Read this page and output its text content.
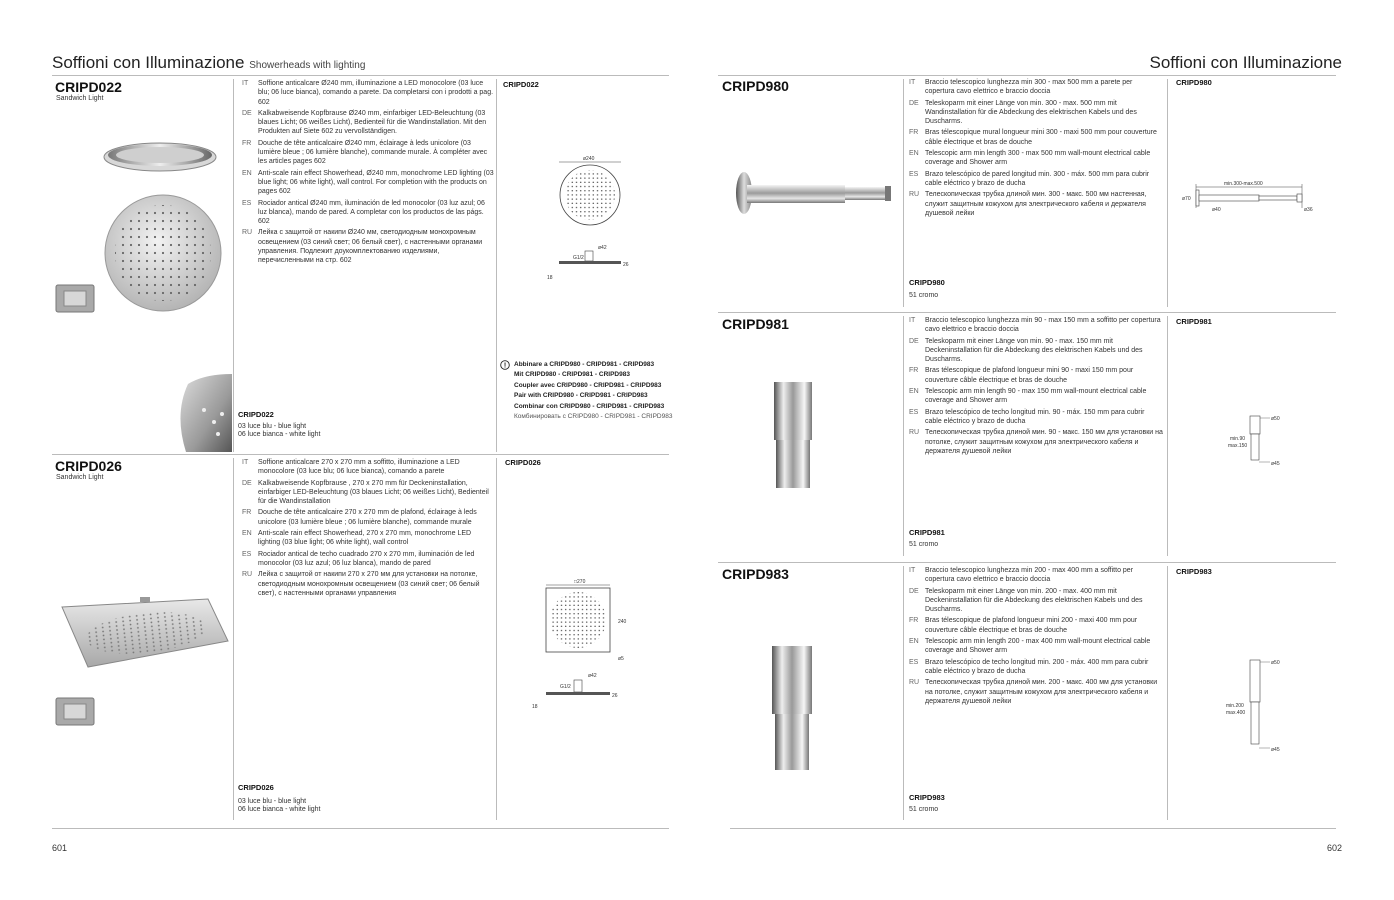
Soffioni con Illuminazione Showerheads with lighting	Soffioni con Illuminazione
CRIPD022
Sandwich Light
IT	Soffione anticalcare Ø240 mm, illuminazione a LED monocolore (03 luce blu; 06 luce bianca), comando a parete. Da completarsi con i prodotti a pag. 602
DE Kalkabweisende Kopfbrause Ø240 mm, einfarbiger LED-Beleuchtung (03 blaues Licht; 06 weißes Licht), Bedienteil für die Wandinstallation. Mit den Produkten auf Siete 602 zu vervollständigen.
FR Douche de tête anticalcaire Ø240 mm, éclairage à leds unicolore (03 lumière bleue ; 06 lumière blanche), commande murale. À compléter avec les articles pages 602
EN Anti-scale rain effect Showerhead, Ø240 mm, monochrome LED lighting (03 blue light; 06 white light), wall control. For completion with the products on pages 602
ES Rociador antical Ø240 mm, iluminación de led monocolor (03 luz azul; 06 luz blanca), mando de pared. A completar con los productos de las págs. 602
RU Лейка с защитой от накипи Ø240 мм, светодиодным монохромным освещением (03 синий свет; 06 белый свет), с настенными органами управления. Подлежит доукомплектованию изделиями, перечисленными на стр. 602
CRIPD022
03 luce blu - blue light
06 luce bianca - white light
CRIPD022
ø240
ø42
G1/2
26
18
! Abbinare a CRIPD980 - CRIPD981 - CRIPD983
Mit CRIPD980 - CRIPD981 - CRIPD983
Coupler avec CRIPD980 - CRIPD981 - CRIPD983
Pair with CRIPD980 - CRIPD981 - CRIPD983
Combinar con CRIPD980 - CRIPD981 - CRIPD983
Комбинировать с CRIPD980 - CRIPD981 - CRIPD983
CRIPD026
Sandwich Light
IT	Soffione anticalcare 270 x 270 mm a soffitto, illuminazione a LED monocolore (03 luce blu; 06 luce bianca), comando a parete
DE Kalkabweisende Kopfbrause , 270 x 270 mm für Deckeninstallation, einfarbiger LED-Beleuchtung (03 blaues Licht; 06 weißes Licht), Bedienteil für die Wandinstallation
FR Douche de tête anticalcaire 270 x 270 mm de plafond, éclairage à leds unicolore (03 lumière bleue ; 06 lumière blanche), commande murale
EN Anti-scale rain effect Showerhead, 270 x 270 mm, monochrome LED lighting (03 blue light; 06 white light), wall control
ES Rociador antical de techo cuadrado 270 x 270 mm, iluminación de led monocolor (03 luz azul; 06 luz blanca), mando de pared
RU Лейка с защитой от накипи 270 x 270 мм для установки на потолке, светодиодным монохромным освещением (03 синий свет; 06 белый свет), с настенными органами управления
CRIPD026
03 luce blu - blue light
06 luce bianca - white light
CRIPD026
□270
240
ø5
ø42
G1/2
26
18
601
CRIPD980	IT	Braccio telescopico lunghezza min 300 - max 500 mm a parete per copertura cavo elettrico e braccio doccia
DE Teleskoparm mit einer Länge von min. 300 - max. 500 mm mit Wandinstallation für die Abdeckung des elektrischen Kabels und des Duscharms.
FR Bras télescopique mural longueur mini 300 - maxi 500 mm pour couverture câble électrique et bras de douche
EN Telescopic arm min length 300 - max 500 mm wall-mount electrical cable coverage and Shower arm
ES Brazo telescópico de pared longitud min. 300 - máx. 500 mm para cubrir cable eléctrico y brazo de ducha
RU Телескопическая трубка длиной мин. 300 - макс. 500 мм настенная, служит защитным кожухом для электрического кабеля и держателя душевой лейки
CRIPD980
51 cromo
CRIPD980
min.300-max.500
ø70
ø40	ø36
CRIPD981	IT	Braccio telescopico lunghezza min 90 - max 150 mm a soffitto per copertura cavo elettrico e braccio doccia
DE Teleskoparm mit einer Länge von min. 90 - max. 150 mm mit Deckeninstallation für die Abdeckung des elektrischen Kabels und des Duscharms.
FR Bras télescopique de plafond longueur mini 90 - maxi 150 mm pour couverture câble électrique et bras de douche
EN Telescopic arm min length 90 - max 150 mm wall-mount electrical cable coverage and Shower arm
ES Brazo telescópico de techo longitud min. 90 - máx. 150 mm para cubrir cable eléctrico y brazo de ducha
RU Телескопическая трубка длиной мин. 90 - макс. 150 мм для установки на потолке, служит защитным кожухом для электрического кабеля и держателя душевой лейки
CRIPD981
51 cromo
CRIPD981
ø50
min.90
max.150
ø45
CRIPD983	IT	Braccio telescopico lunghezza min 200 - max 400 mm a soffitto per copertura cavo elettrico e braccio doccia
DE Teleskoparm mit einer Länge von min. 200 - max. 400 mm mit Deckeninstallation für die Abdeckung des elektrischen Kabels und des Duscharms.
FR Bras télescopique de plafond longueur mini 200 - maxi 400 mm pour couverture câble électrique et bras de douche
EN Telescopic arm min length 200 - max 400 mm wall-mount electrical cable coverage and Shower arm
ES Brazo telescópico de techo longitud min. 200 - máx. 400 mm para cubrir cable eléctrico y brazo de ducha
RU Телескопическая трубка длиной мин. 200 - макс. 400 мм для установки на потолке, служит защитным кожухом для электрического кабеля и держателя душевой лейки
CRIPD983
51 cromo
CRIPD983
ø50
min.200
max.400
ø45
602
